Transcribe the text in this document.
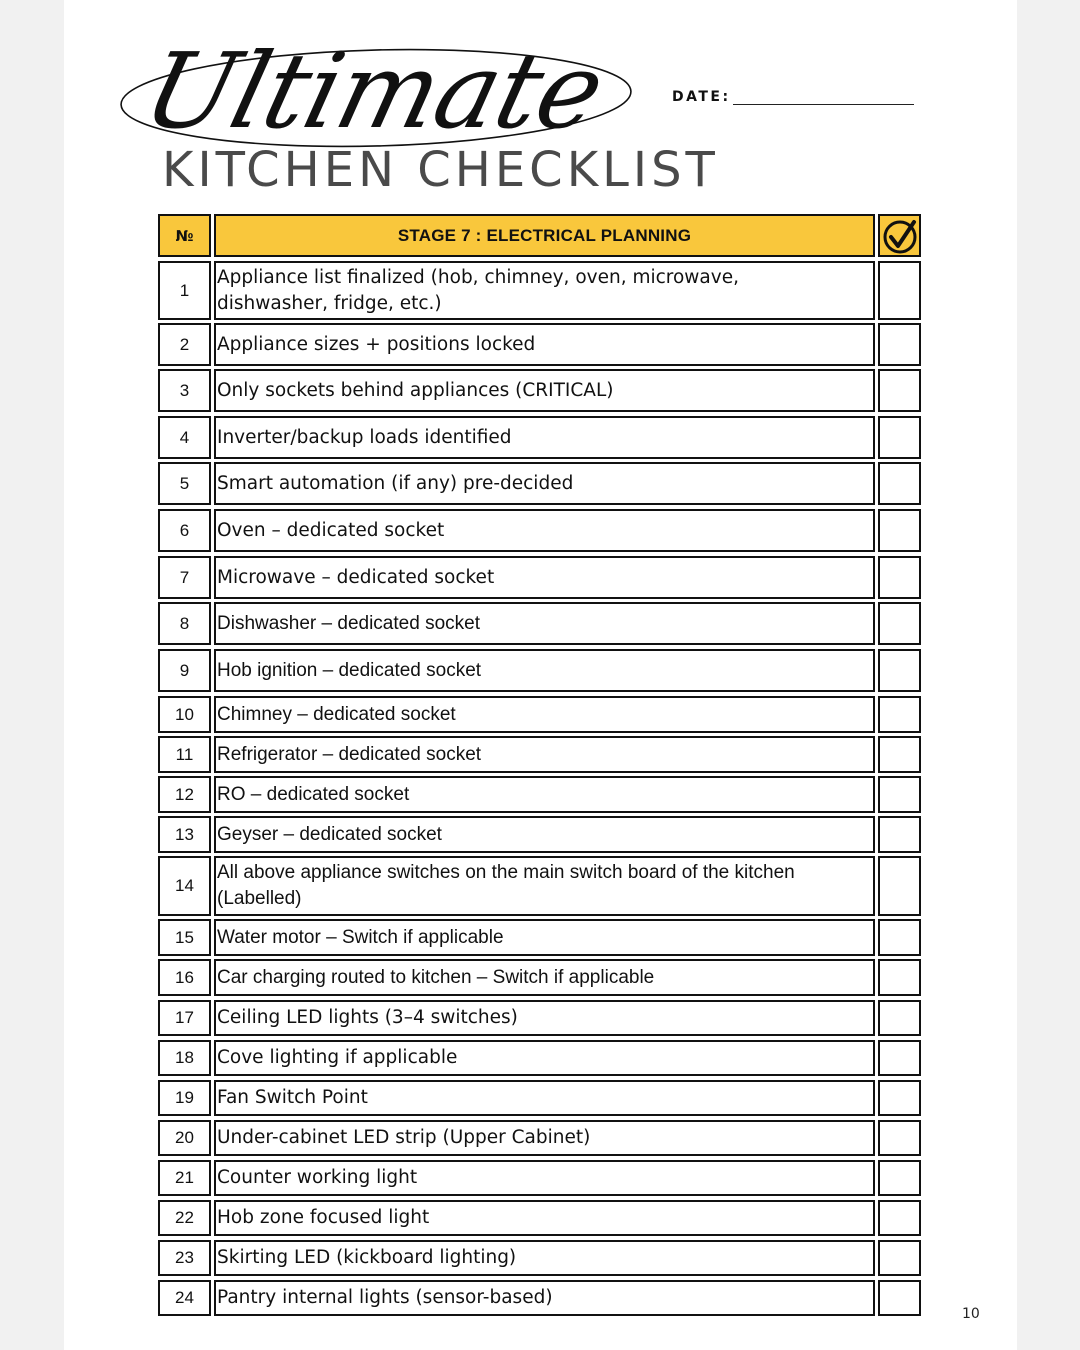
Ultimate
KITCHEN CHECKLIST
DATE:
№	STAGE 7 : ELECTRICAL PLANNING
1
Appliance list finalized (hob, chimney, oven, microwave, dishwasher, fridge, etc.)
2 Appliance sizes + positions locked
3 Only sockets behind appliances (CRITICAL)
4 Inverter/backup loads identified
5 Smart automation (if any) pre-decided
6 Oven – dedicated socket
7 Microwave – dedicated socket
8 Dishwasher – dedicated socket
9 Hob ignition – dedicated socket
10 Chimney – dedicated socket
11 Refrigerator – dedicated socket
12 RO – dedicated socket
13 Geyser – dedicated socket
14
All above appliance switches on the main switch board of the kitchen (Labelled)
15 Water motor – Switch if applicable
16 Car charging routed to kitchen – Switch if applicable
17 Ceiling LED lights (3–4 switches)
18 Cove lighting if applicable
19 Fan Switch Point
20 Under-cabinet LED strip (Upper Cabinet)
21 Counter working light
22 Hob zone focused light
23 Skirting LED (kickboard lighting)
24 Pantry internal lights (sensor-based)
10
